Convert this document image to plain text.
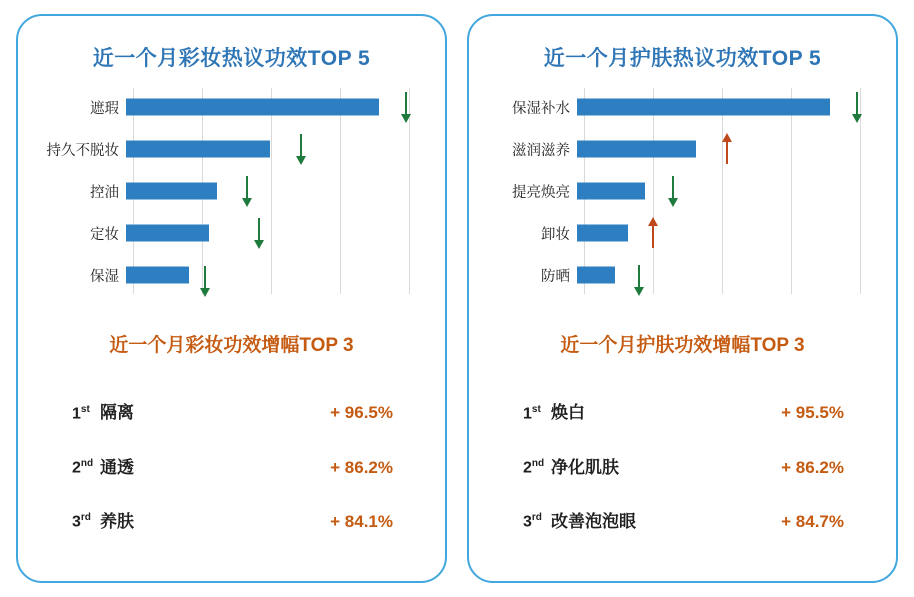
近一个月彩妆热议功效TOP 5
遮瑕
持久不脱妆
控油
定妆
保湿
近一个月彩妆功效增幅TOP 3
1st 隔离	+ 96.5%
2nd 通透	+ 86.2%
3rd 养肤	+ 84.1%
近一个月护肤热议功效TOP 5
保湿补水
滋润滋养
提亮焕亮
卸妆
防晒
近一个月护肤功效增幅TOP 3
1st 焕白	+ 95.5%
2nd 净化肌肤	+ 86.2%
3rd 改善泡泡眼	+ 84.7%
